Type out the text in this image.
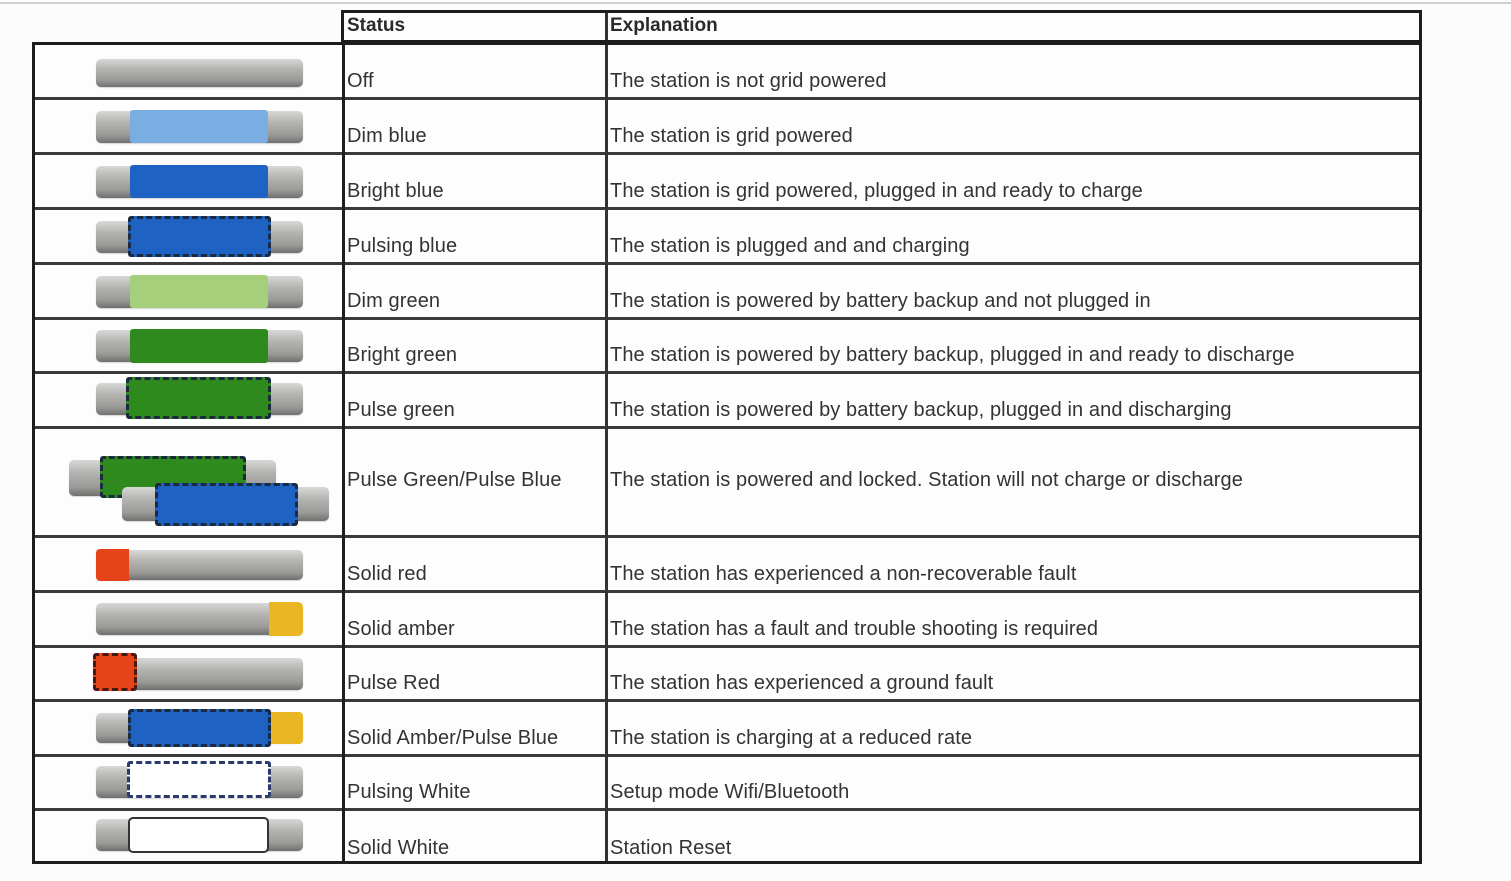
Status	Explanation
Off	The station is not grid powered
Dim blue	The station is grid powered
Bright blue	The station is grid powered, plugged in and ready to charge
Pulsing blue	The station is plugged and and charging
Dim green	The station is powered by battery backup and not plugged in
Bright green	The station is powered by battery backup, plugged in and ready to discharge
Pulse green	The station is powered by battery backup, plugged in and discharging
Pulse Green/Pulse Blue The station is powered and locked. Station will not charge or discharge
Solid red	The station has experienced a non-recoverable fault
Solid amber	The station has a fault and trouble shooting is required
Pulse Red	The station has experienced a ground fault
Solid Amber/Pulse Blue	The station is charging at a reduced rate
Pulsing White	Setup mode Wifi/Bluetooth
Solid White	Station Reset
